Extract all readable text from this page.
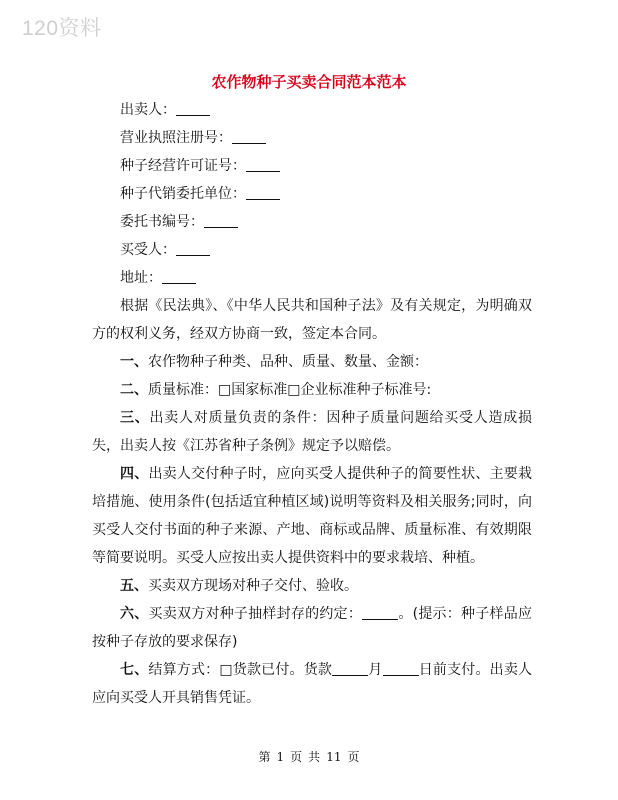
120资料
农作物种子买卖合同范本范本
出卖人：
营业执照注册号：
种子经营许可证号：
种子代销委托单位：
委托书编号：
买受人：
地址：

根据《民法典》、《中华人民共和国种子法》及有关规定，为明确双方的权利义务，经双方协商一致，签定本合同。

一、农作物种子种类、品种、质量、数量、金额：

二、质量标准：□国家标准□企业标准种子标准号:

三、出卖人对质量负责的条件：因种子质量问题给买受人造成损失，出卖人按《江苏省种子条例》规定予以赔偿。

四、出卖人交付种子时，应向买受人提供种子的简要性状、主要栽培措施、使用条件(包括适宜种植区域)说明等资料及相关服务;同时，向买受人交付书面的种子来源、产地、商标或品牌、质量标准、有效期限等简要说明。买受人应按出卖人提供资料中的要求栽培、种植。

五、买卖双方现场对种子交付、验收。

六、买卖双方对种子抽样封存的约定：	。(提示：种子样品应按种子存放的要求保存)

七、结算方式：□货款已付。货款	月	日前支付。出卖人应向买受人开具销售凭证。

第 1 页 共 11 页
